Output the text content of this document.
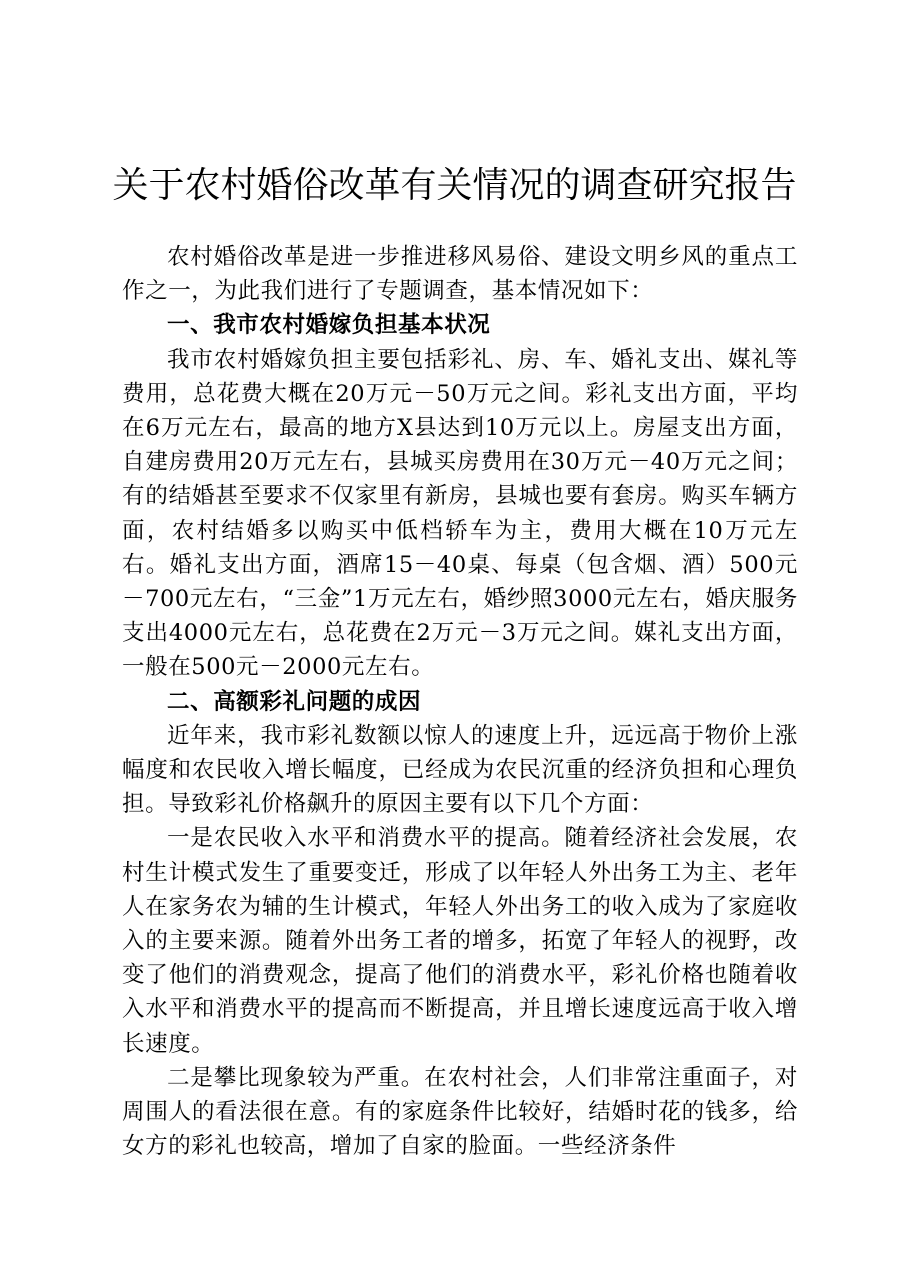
关于农村婚俗改革有关情况的调查研究报告

农村婚俗改革是进一步推进移风易俗、建设文明乡风的重点工作之一，为此我们进行了专题调查，基本情况如下：

一、我市农村婚嫁负担基本状况

我市农村婚嫁负担主要包括彩礼、房、车、婚礼支出、媒礼等费用，总花费大概在20万元－50万元之间。彩礼支出方面，平均在6万元左右，最高的地方X县达到10万元以上。房屋支出方面，自建房费用20万元左右，县城买房费用在30万元－40万元之间；有的结婚甚至要求不仅家里有新房，县城也要有套房。购买车辆方面，农村结婚多以购买中低档轿车为主，费用大概在10万元左右。婚礼支出方面，酒席15－40桌、每桌（包含烟、酒）500元－700元左右，“三金”1万元左右，婚纱照3000元左右，婚庆服务支出4000元左右，总花费在2万元－3万元之间。媒礼支出方面，一般在500元－2000元左右。

二、高额彩礼问题的成因

近年来，我市彩礼数额以惊人的速度上升，远远高于物价上涨幅度和农民收入增长幅度，已经成为农民沉重的经济负担和心理负担。导致彩礼价格飙升的原因主要有以下几个方面：

一是农民收入水平和消费水平的提高。随着经济社会发展，农村生计模式发生了重要变迁，形成了以年轻人外出务工为主、老年人在家务农为辅的生计模式，年轻人外出务工的收入成为了家庭收入的主要来源。随着外出务工者的增多，拓宽了年轻人的视野，改变了他们的消费观念，提高了他们的消费水平，彩礼价格也随着收入水平和消费水平的提高而不断提高，并且增长速度远高于收入增长速度。

二是攀比现象较为严重。在农村社会，人们非常注重面子，对周围人的看法很在意。有的家庭条件比较好，结婚时花的钱多，给女方的彩礼也较高，增加了自家的脸面。一些经济条件
